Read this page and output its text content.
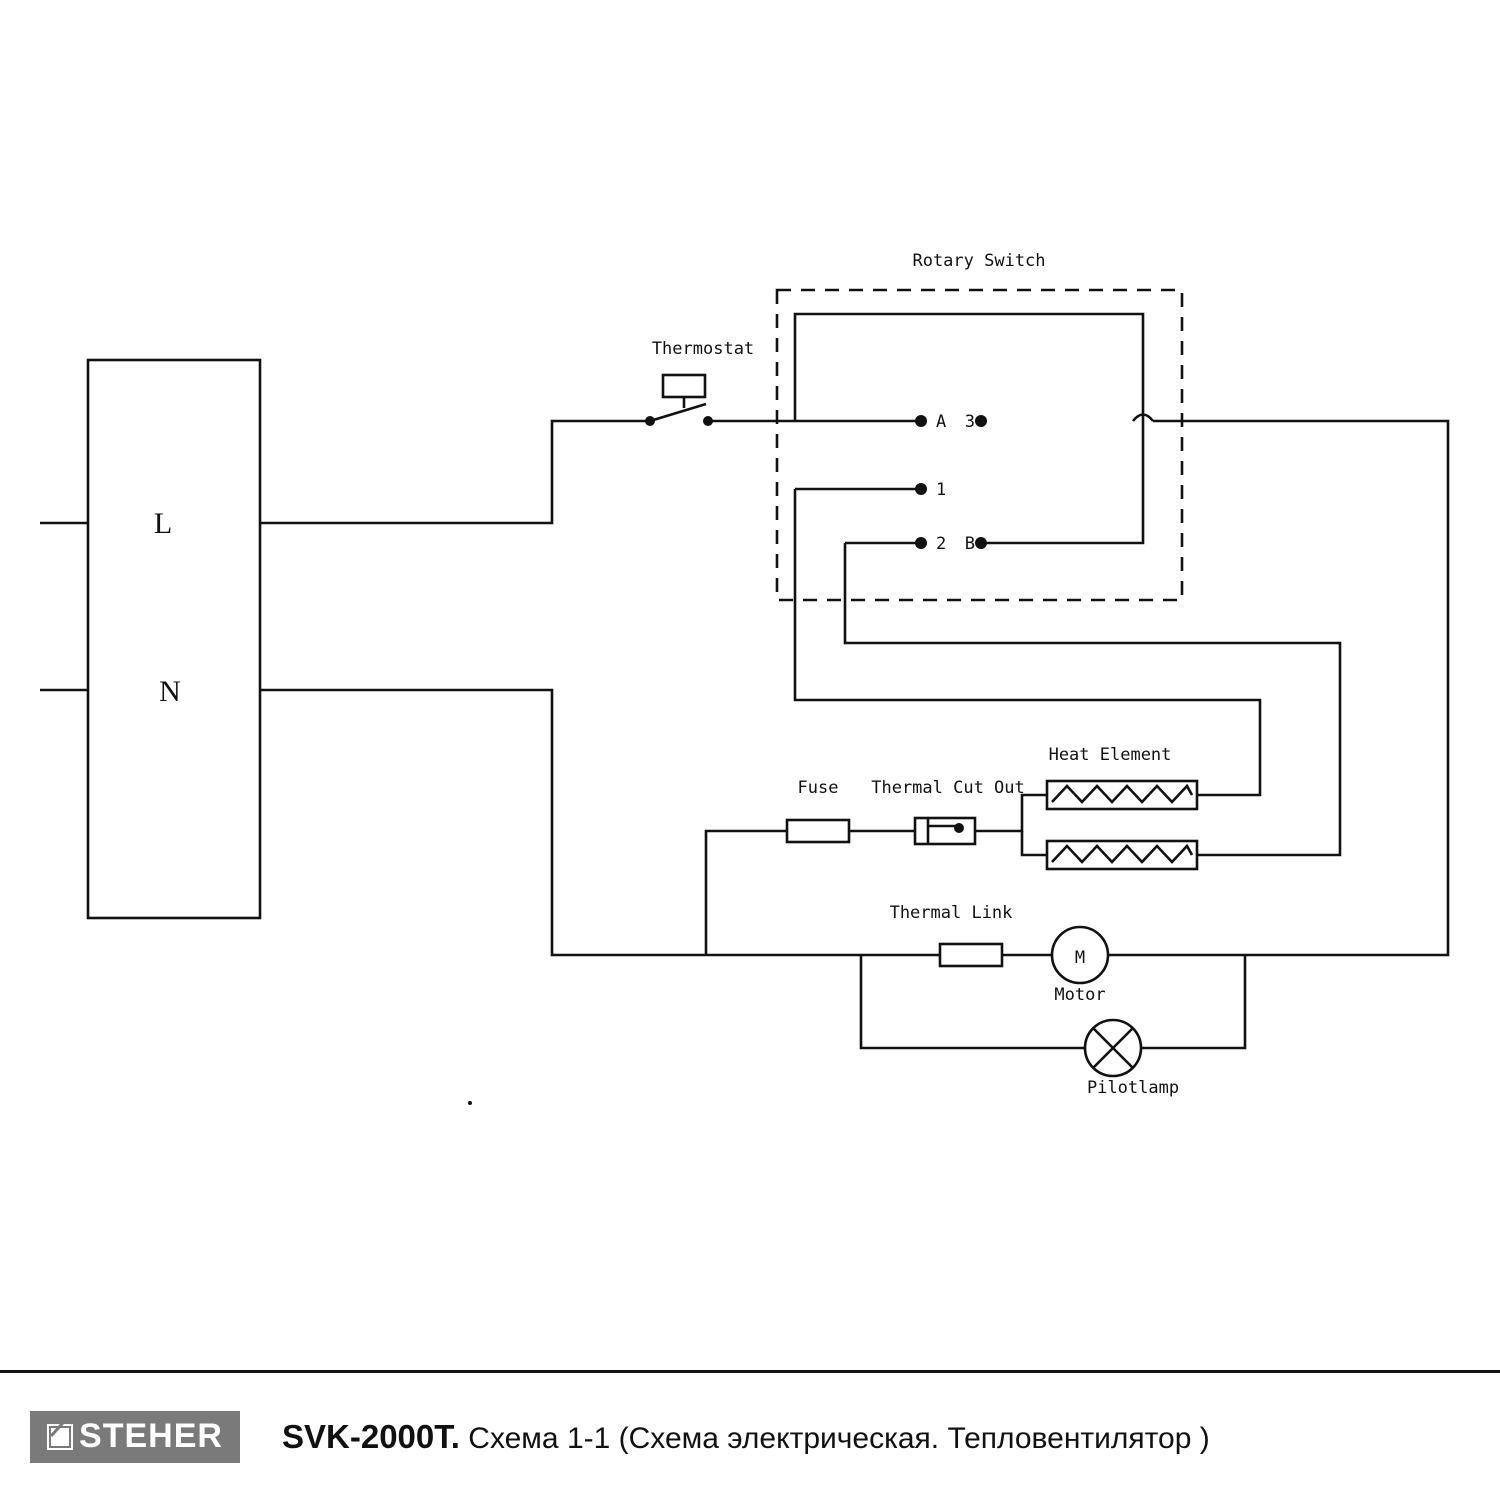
L
N
Thermostat
Rotary Switch
A 3
1
2 B
Fuse Thermal Cut Out
Heat Element
Thermal Link
M
Motor
Pilotlamp
STEHER SVK-2000T. Схема 1-1 (Схема электрическая. Тепловентилятор )
